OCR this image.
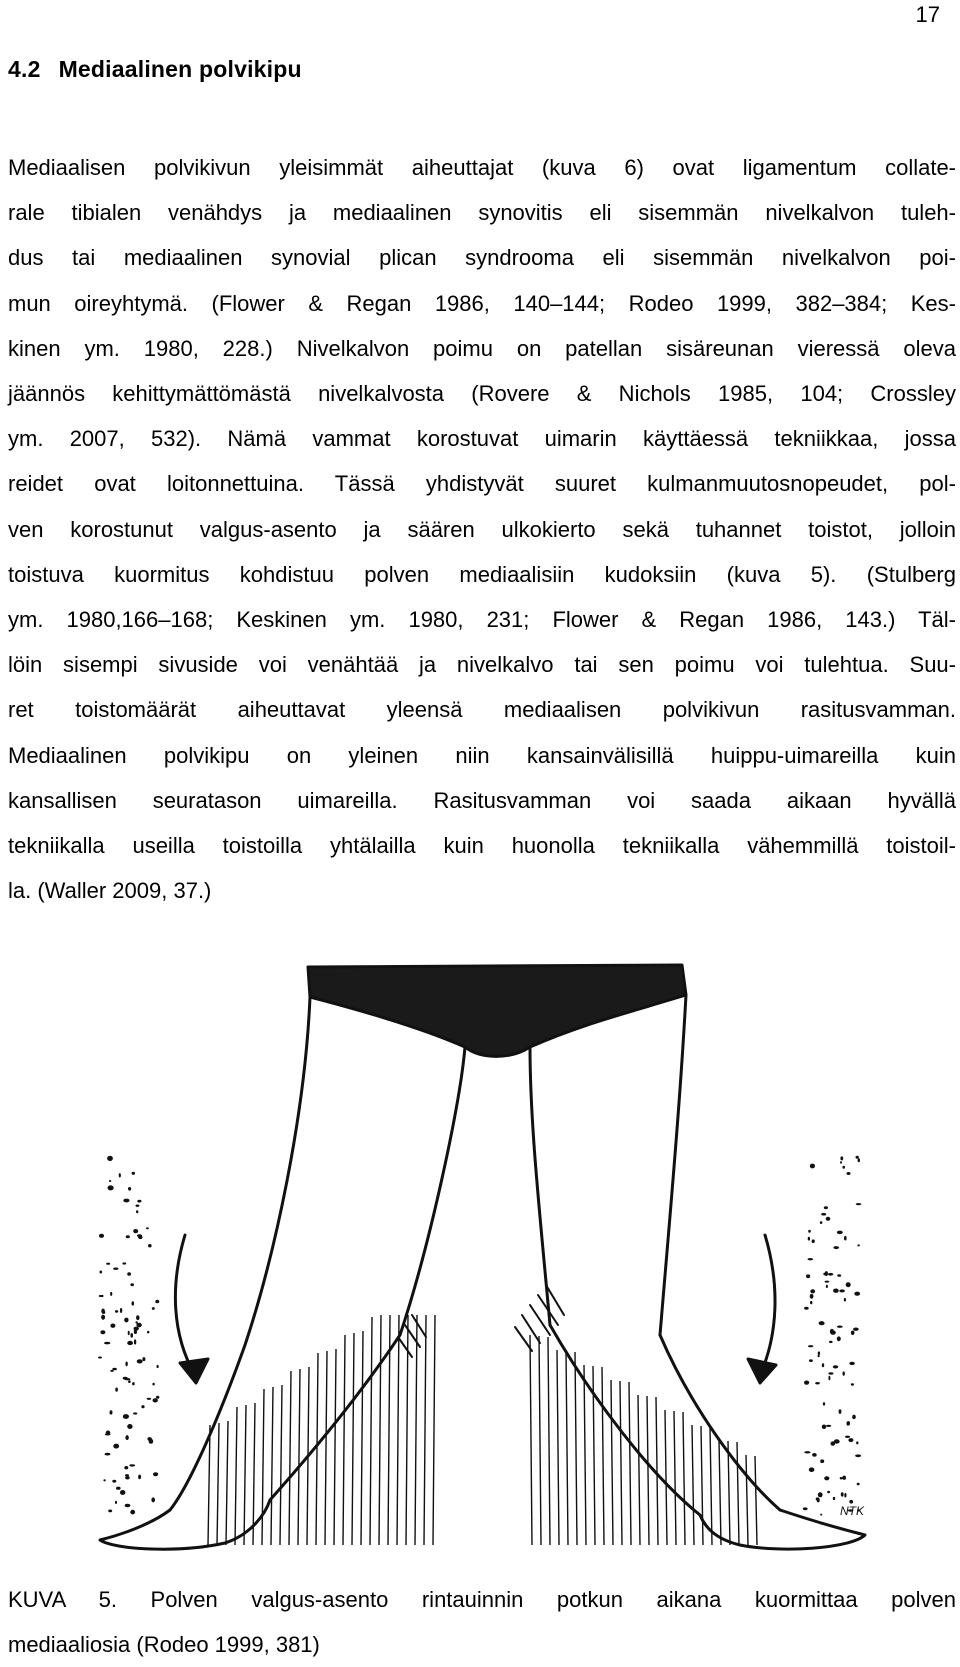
17
4.2 Mediaalinen polvikipu
Mediaalisen polvikivun yleisimmät aiheuttajat (kuva 6) ovat ligamentum collate-
rale tibialen venähdys ja mediaalinen synovitis eli sisemmän nivelkalvon tuleh-
dus tai mediaalinen synovial plican syndrooma eli sisemmän nivelkalvon poi-
mun oireyhtymä. (Flower & Regan 1986, 140–144; Rodeo 1999, 382–384; Kes-
kinen ym. 1980, 228.) Nivelkalvon poimu on patellan sisäreunan vieressä oleva
jäännös kehittymättömästä nivelkalvosta (Rovere & Nichols 1985, 104; Crossley
ym. 2007, 532). Nämä vammat korostuvat uimarin käyttäessä tekniikkaa, jossa
reidet ovat loitonnettuina. Tässä yhdistyvät suuret kulmanmuutosnopeudet, pol-
ven korostunut valgus-asento ja säären ulkokierto sekä tuhannet toistot, jolloin
toistuva kuormitus kohdistuu polven mediaalisiin kudoksiin (kuva 5). (Stulberg
ym. 1980,166–168; Keskinen ym. 1980, 231; Flower & Regan 1986, 143.) Täl-
löin sisempi sivuside voi venähtää ja nivelkalvo tai sen poimu voi tulehtua. Suu-
ret toistomäärät aiheuttavat yleensä mediaalisen polvikivun rasitusvamman.
Mediaalinen polvikipu on yleinen niin kansainvälisillä huippu-uimareilla kuin
kansallisen seuratason uimareilla. Rasitusvamman voi saada aikaan hyvällä
tekniikalla useilla toistoilla yhtälailla kuin huonolla tekniikalla vähemmillä toistoil-
la. (Waller 2009, 37.)
NTK
KUVA 5. Polven valgus-asento rintauinnin potkun aikana kuormittaa polven
mediaaliosia (Rodeo 1999, 381)
